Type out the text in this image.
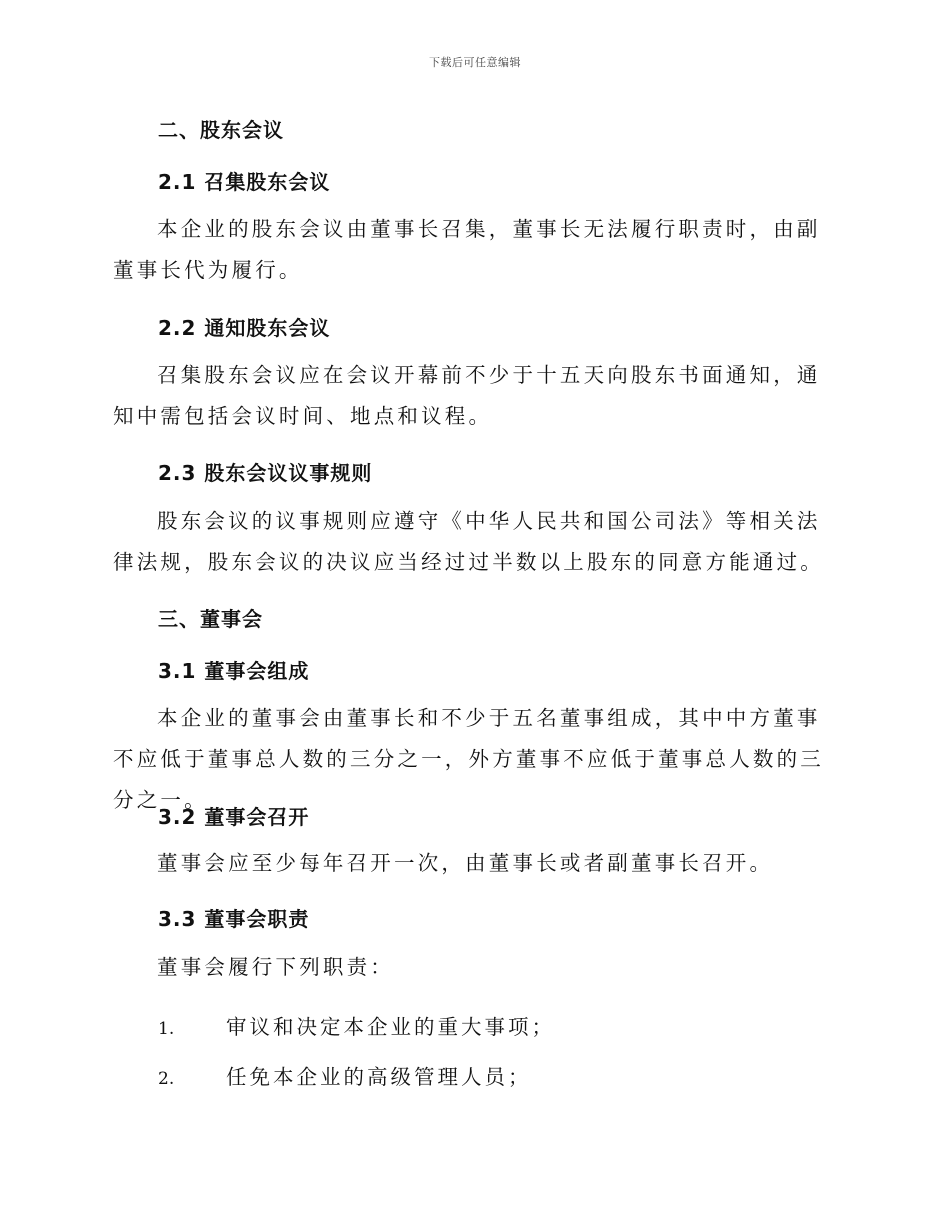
下载后可任意编辑
二、股东会议
2.1 召集股东会议

本企业的股东会议由董事长召集，董事长无法履行职责时，由副董事长代为履行。

2.2 通知股东会议

召集股东会议应在会议开幕前不少于十五天向股东书面通知，通知中需包括会议时间、地点和议程。

2.3 股东会议议事规则

股东会议的议事规则应遵守《中华人民共和国公司法》等相关法律法规，股东会议的决议应当经过过半数以上股东的同意方能通过。

三、董事会
3.1 董事会组成

本企业的董事会由董事长和不少于五名董事组成，其中中方董事不应低于董事总人数的三分之一，外方董事不应低于董事总人数的三分之一。

3.2 董事会召开

董事会应至少每年召开一次，由董事长或者副董事长召开。

3.3 董事会职责

董事会履行下列职责：

1.	审议和决定本企业的重大事项；
2.	任免本企业的高级管理人员；
